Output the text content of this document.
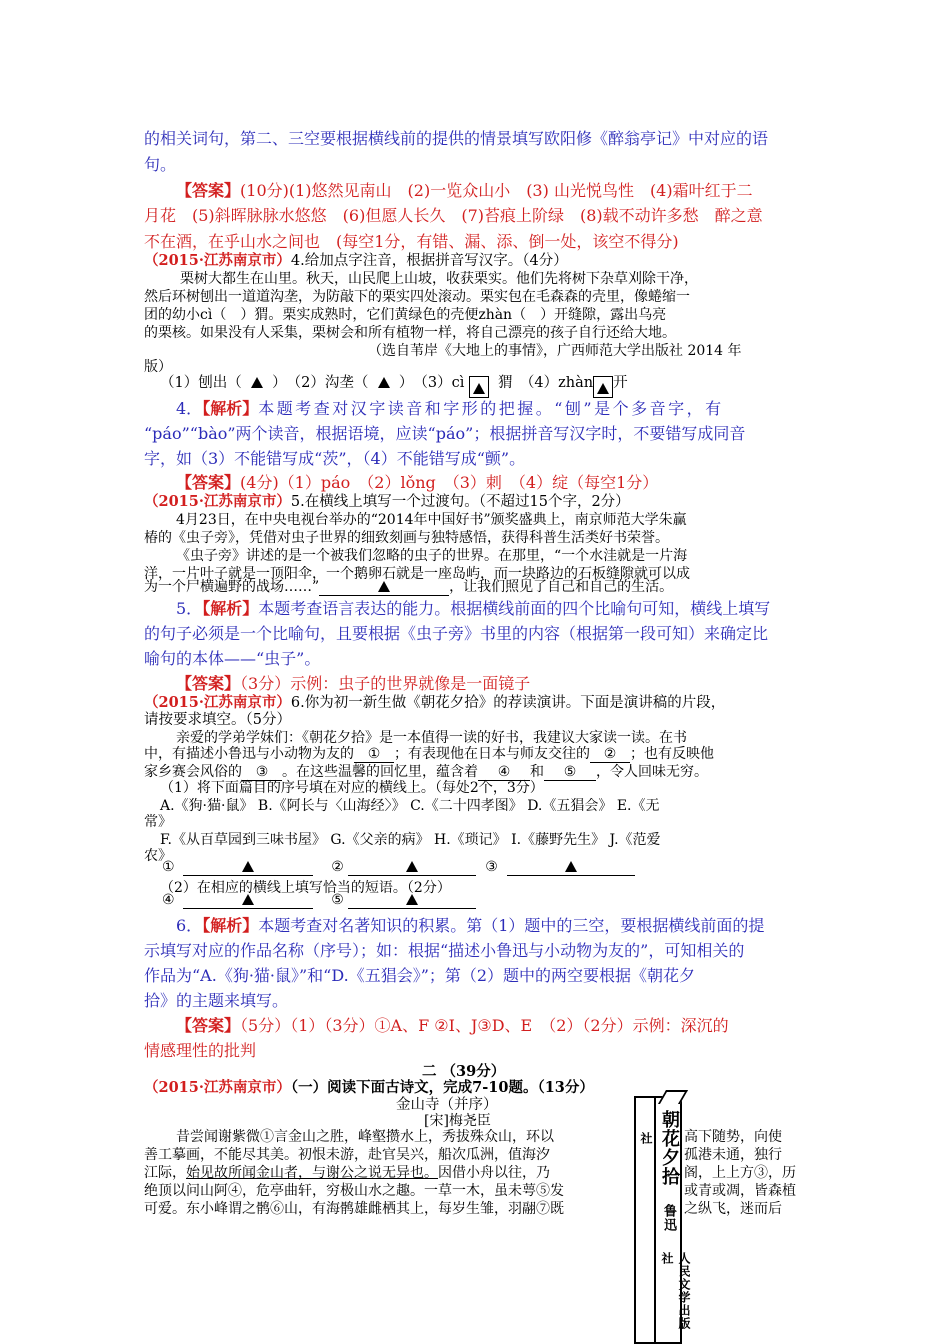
的相关词句，第二、三空要根据横线前的提供的情景填写欧阳修《醉翁亭记》中对应的语
句。
【答案】(10分)(1)悠然见南山　(2)一览众山小　(3) 山光悦鸟性　(4)霜叶红于二
月花　(5)斜晖脉脉水悠悠　(6)但愿人长久　(7)苔痕上阶绿　(8)载不动许多愁　醉之意
不在酒，在乎山水之间也　(每空1分，有错、漏、添、倒一处，该空不得分)
（2015·江苏南京市）4.给加点字注音，根据拼音写汉字。（4分）
栗树大都生在山里。秋天，山民爬上山坡，收获栗实。他们先将树下杂草刈除干净，
然后环树刨出一道道沟垄，为防敲下的栗实四处滚动。栗实包在毛森森的壳里，像蜷缩一
团的幼小cì（　）猬。栗实成熟时，它们黄绿色的壳便zhàn（　）开缝隙，露出乌亮
的栗核。如果没有人采集，栗树会和所有植物一样，将自己漂亮的孩子自行还给大地。
（选自苇岸《大地上的事情》，广西师范大学出版社 2014 年
版）
（1）刨出（ ）　（2）沟垄（ ）　（3）cì 猬　（4）zhàn 开
4．【解析】本题考查对汉字读音和字形的把握。“刨”是个多音字，有
“páo”“bào”两个读音，根据语境，应读“páo”；根据拼音写汉字时，不要错写成同音
字，如（3）不能错写成“茨”，（4）不能错写成“颤”。
【答案】(4分)（1）páo　（2）lǒng　（3）刺　（4）绽（每空1分）
（2015·江苏南京市）5.在横线上填写一个过渡句。（不超过15个字，2分）
4月23日，在中央电视台举办的“2014年中国好书”颁奖盛典上，南京师范大学朱赢
椿的《虫子旁》，凭借对虫子世界的细致刻画与独特感悟，获得科普生活类好书荣誉。
《虫子旁》讲述的是一个被我们忽略的虫子的世界。在那里，“一个水洼就是一片海
洋，一片叶子就是一顶阳伞，一个鹅卵石就是一座岛屿，而一块路边的石板缝隙就可以成
为一个尸横遍野的战场……”	，让我们照见了自己和自己的生活。
5．【解析】本题考查语言表达的能力。根据横线前面的四个比喻句可知，横线上填写
的句子必须是一个比喻句，且要根据《虫子旁》书里的内容（根据第一段可知）来确定比
喻句的本体——“虫子”。
【答案】（3分）示例：虫子的世界就像是一面镜子
（2015·江苏南京市）6.你为初一新生做《朝花夕拾》的荐读演讲。下面是演讲稿的片段，
请按要求填空。（5分）
亲爱的学弟学妹们：《朝花夕拾》是一本值得一读的好书，我建议大家读一读。在书
中，有描述小鲁迅与小动物为友的 ① ；有表现他在日本与师友交往的 ② ；也有反映他
家乡赛会风俗的 ③ 。在这些温馨的回忆里，蕴含着 ④ 和 ⑤ ，令人回味无穷。
（1）将下面篇目的序号填在对应的横线上。（每处2个，3分）
A.《狗·猫·鼠》 B.《阿长与〈山海经〉》 C.《二十四孝图》 D.《五猖会》 E.《无
常》
F.《从百草园到三味书屋》 G.《父亲的病》 H.《琐记》 I.《藤野先生》 J.《范爱
农》
①	②	③
（2）在相应的横线上填写恰当的短语。（2分）
④	⑤
6．【解析】本题考查对名著知识的积累。第（1）题中的三空，要根据横线前面的提
示填写对应的作品名称（序号）；如：根据“描述小鲁迅与小动物为友的”，可知相关的
作品为“A.《狗·猫·鼠》”和“D.《五猖会》”；第（2）题中的两空要根据《朝花夕
拾》的主题来填写。
【答案】（5分）（1）（3分）①A、F ②I、J③D、E　（2）（2分）示例：深沉的
情感理性的批判
二 （39分）
（2015·江苏南京市）（一）阅读下面古诗文，完成7-10题。（13分）
金山寺（并序）
[宋]梅尧臣
昔尝闻谢紫微①言金山之胜，峰壑攒水上，秀拔殊众山，环以	高下随势，向使
善工摹画，不能尽其美。初恨未游，赴官吴兴，船次瓜洲，值海汐	孤港未通，独行
江际，始见故所闻金山者，与谢公之说无异也。因借小舟以往，乃	阁，上上方③，历
绝顶以问山阿④，危亭曲轩，穷极山水之趣。一草一木，虽未萼⑤发	或青或凋，皆森植
可爱。东小峰谓之鹘⑥山，有海鹘雄雌栖其上，每岁生雏，羽翮⑦既	之纵飞，迷而后
社 朝花夕拾
鲁迅
人民文学出版社
